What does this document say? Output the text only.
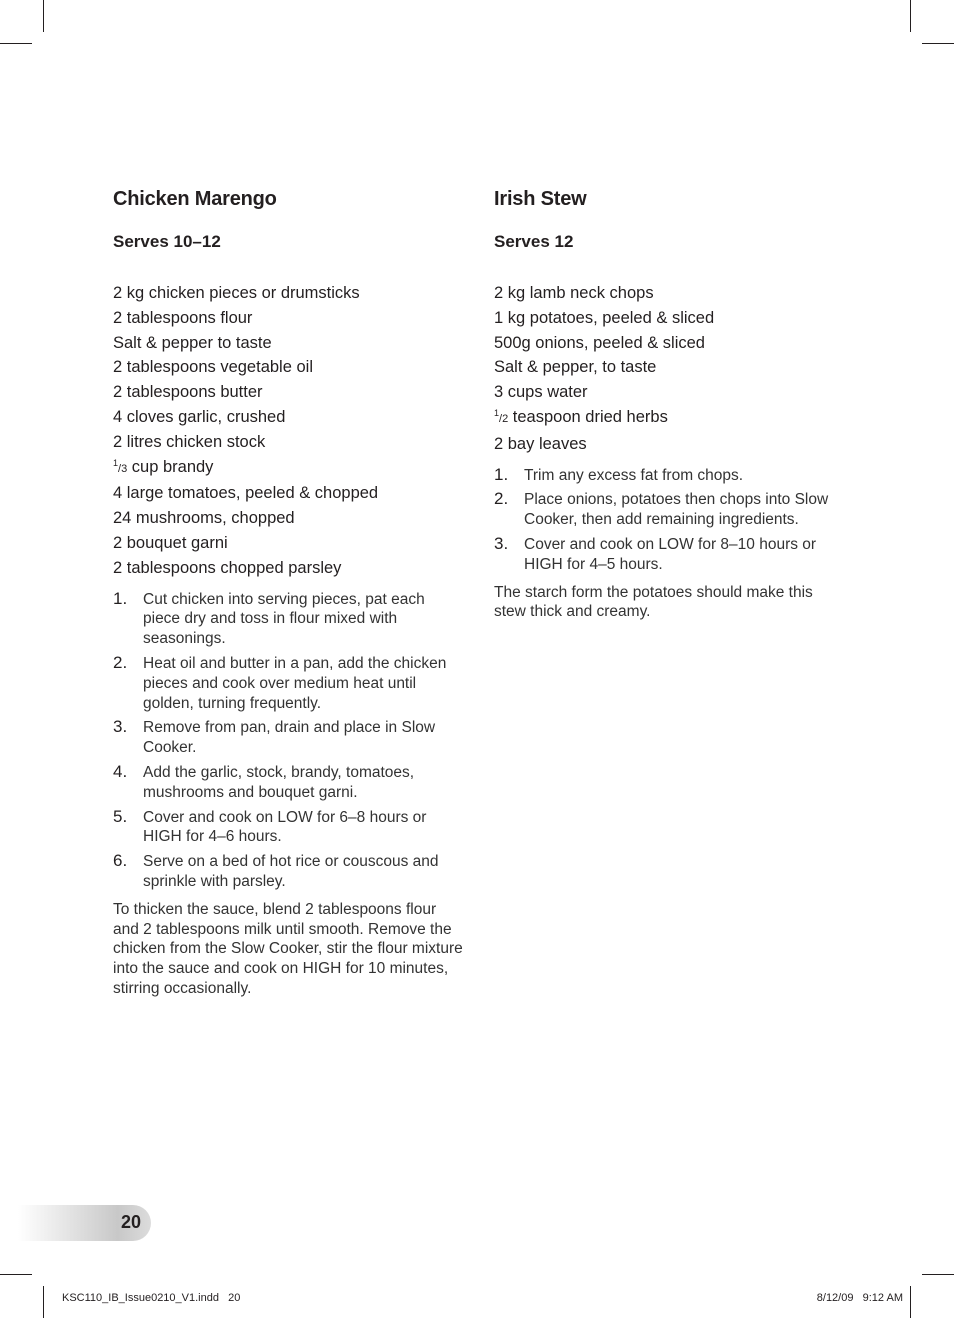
Chicken Marengo
Serves 10–12
2 kg chicken pieces or drumsticks
2 tablespoons flour
Salt & pepper to taste
2 tablespoons vegetable oil
2 tablespoons butter
4 cloves garlic, crushed
2 litres chicken stock
$^1$/3 cup brandy
4 large tomatoes, peeled & chopped
24 mushrooms, chopped
2 bouquet garni
2 tablespoons chopped parsley
1. Cut chicken into serving pieces, pat each piece dry and toss in flour mixed with seasonings.
2. Heat oil and butter in a pan, add the chicken pieces and cook over medium heat until golden, turning frequently.
3. Remove from pan, drain and place in Slow Cooker.
4. Add the garlic, stock, brandy, tomatoes, mushrooms and bouquet garni.
5. Cover and cook on LOW for 6–8 hours or HIGH for 4–6 hours.
6. Serve on a bed of hot rice or couscous and sprinkle with parsley.
To thicken the sauce, blend 2 tablespoons flour and 2 tablespoons milk until smooth. Remove the chicken from the Slow Cooker, stir the flour mixture into the sauce and cook on HIGH for 10 minutes, stirring occasionally.
Irish Stew
Serves 12
2 kg lamb neck chops
1 kg potatoes, peeled & sliced
500g onions, peeled & sliced
Salt & pepper, to taste
3 cups water
$^1$/2 teaspoon dried herbs
2 bay leaves
1. Trim any excess fat from chops.
2. Place onions, potatoes then chops into Slow Cooker, then add remaining ingredients.
3. Cover and cook on LOW for 8–10 hours or HIGH for 4–5 hours.
The starch form the potatoes should make this stew thick and creamy.
20
KSC110_IB_Issue0210_V1.indd   20	8/12/09   9:12 AM
